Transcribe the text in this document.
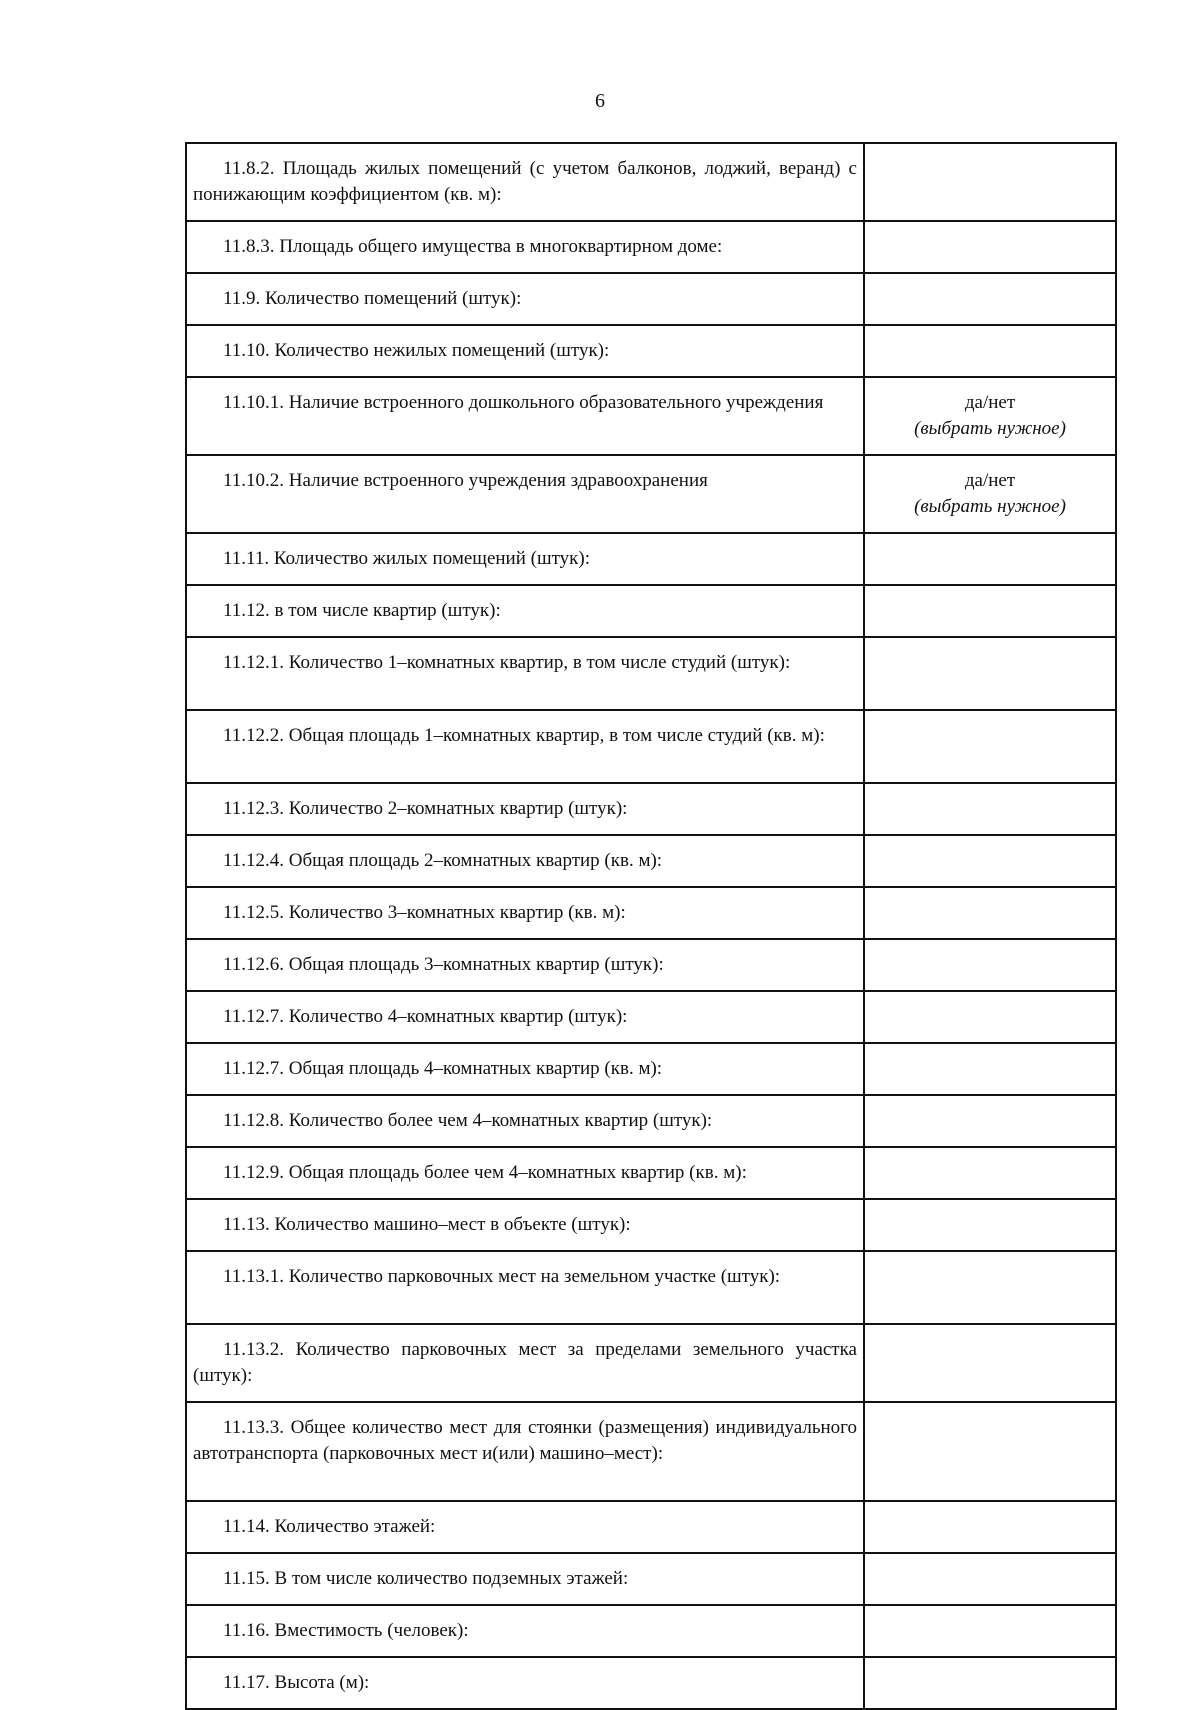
6
11.8.2. Площадь жилых помещений (с учетом балконов, лоджий, веранд) с понижающим коэффициентом (кв. м):	
11.8.3. Площадь общего имущества в многоквартирном доме:	
11.9. Количество помещений (штук):	
11.10. Количество нежилых помещений (штук):	
11.10.1. Наличие встроенного дошкольного образовательного учреждения	да/нет
(выбрать нужное)

11.10.2. Наличие встроенного учреждения здравоохранения	да/нет
(выбрать нужное)

11.11. Количество жилых помещений (штук):	
11.12. в том числе квартир (штук):	
11.12.1. Количество 1–комнатных квартир, в том числе студий (штук):	
11.12.2. Общая площадь 1–комнатных квартир, в том числе студий (кв. м):	
11.12.3. Количество 2–комнатных квартир (штук):	
11.12.4. Общая площадь 2–комнатных квартир (кв. м):	
11.12.5. Количество 3–комнатных квартир (кв. м):	
11.12.6. Общая площадь 3–комнатных квартир (штук):	
11.12.7. Количество 4–комнатных квартир (штук):	
11.12.7. Общая площадь 4–комнатных квартир (кв. м):	
11.12.8. Количество более чем 4–комнатных квартир (штук):	
11.12.9. Общая площадь более чем 4–комнатных квартир (кв. м):	
11.13. Количество машино–мест в объекте (штук):	
11.13.1. Количество парковочных мест на земельном участке (штук):	
11.13.2. Количество парковочных мест за пределами земельного участка (штук):	
11.13.3. Общее количество мест для стоянки (размещения) индивидуального автотранспорта (парковочных мест и(или) машино–мест):	
11.14. Количество этажей:	
11.15. В том числе количество подземных этажей:	
11.16. Вместимость (человек):	
11.17. Высота (м):	
